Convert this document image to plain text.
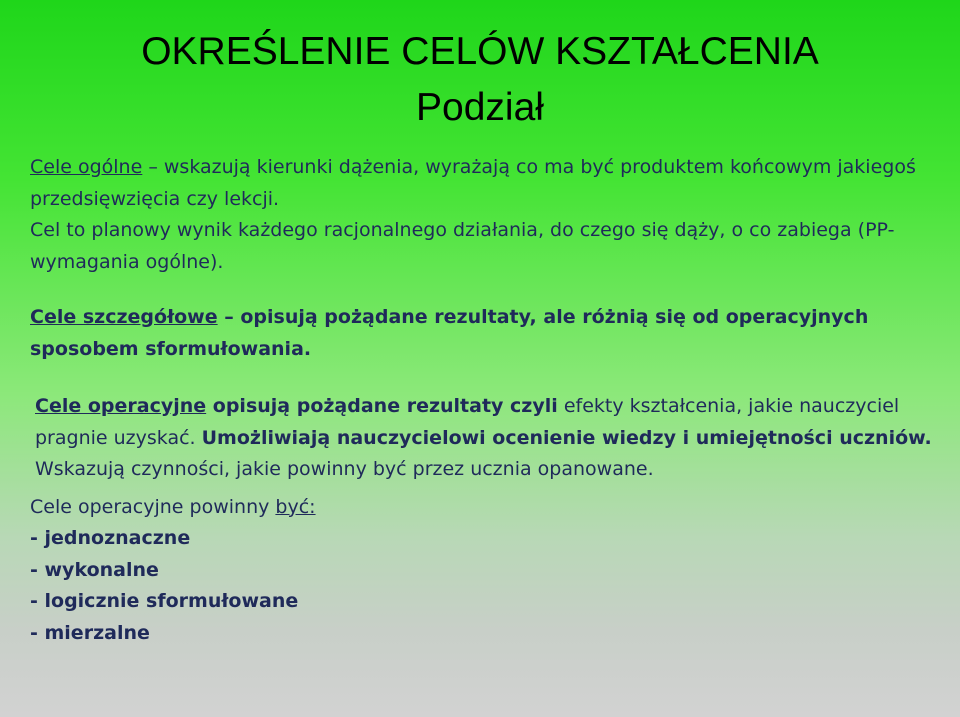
OKREŚLENIE CELÓW KSZTAŁCENIA
Podział

Cele ogólne – wskazują kierunki dążenia, wyrażają co ma być produktem końcowym jakiegoś przedsięwzięcia czy lekcji.

Cel to planowy wynik każdego racjonalnego działania, do czego się dąży, o co zabiega (PP- wymagania ogólne).

Cele szczegółowe – opisują pożądane rezultaty, ale różnią się od operacyjnych sposobem sformułowania.

Cele operacyjne opisują pożądane rezultaty czyli efekty kształcenia, jakie nauczyciel pragnie uzyskać. Umożliwiają nauczycielowi ocenienie wiedzy i umiejętności uczniów. Wskazują czynności, jakie powinny być przez ucznia opanowane.

Cele operacyjne powinny być:

- jednoznaczne
- wykonalne
- logicznie sformułowane
- mierzalne
